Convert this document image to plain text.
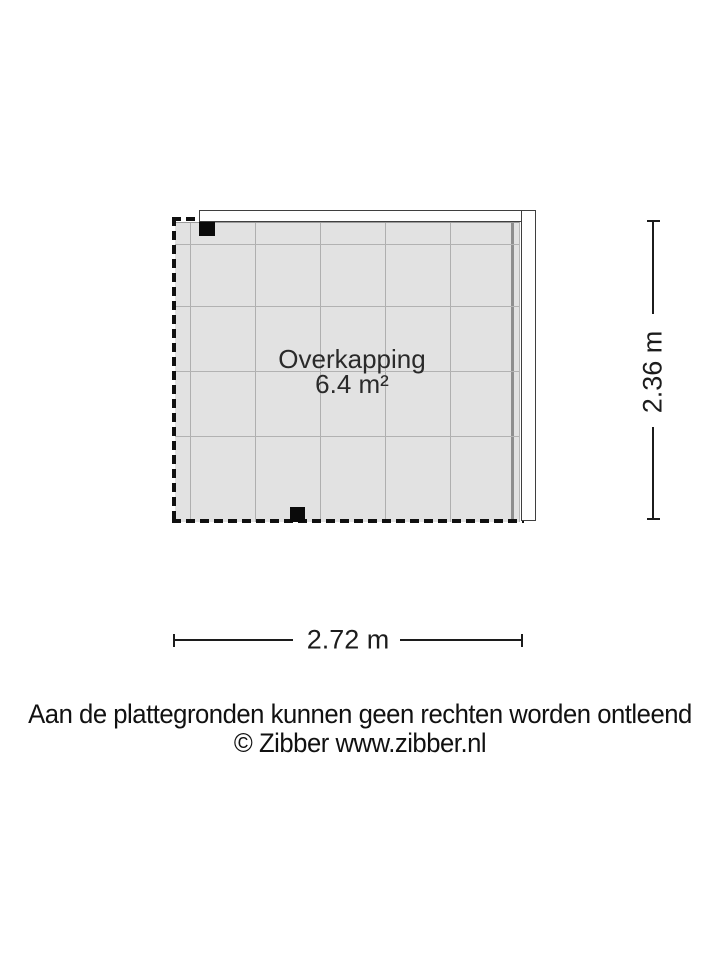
Overkapping
6.4 m²	2.36 m
2.72 m
Aan de plattegronden kunnen geen rechten worden ontleend
© Zibber www.zibber.nl
